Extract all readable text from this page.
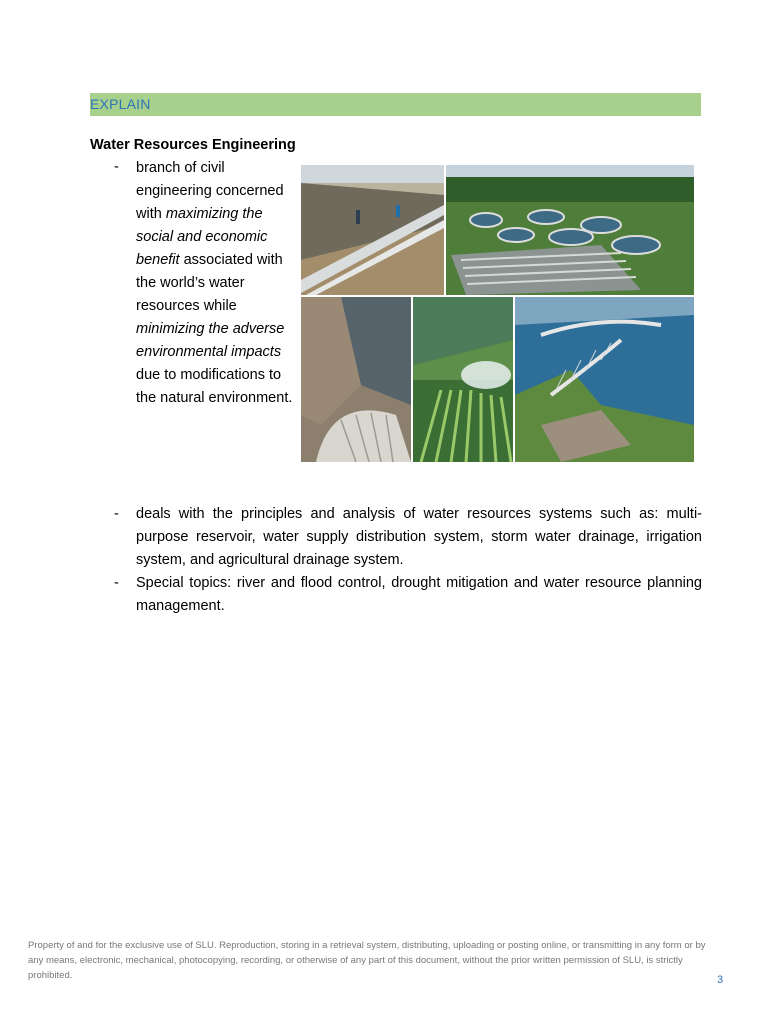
EXPLAIN
Water Resources Engineering
- branch of civil engineering concerned with maximizing the social and economic benefit associated with the world’s water resources while minimizing the adverse environmental impacts due to modifications to the natural environment.
- deals with the principles and analysis of water resources systems such as: multi-purpose reservoir, water supply distribution system, storm water drainage, irrigation system, and agricultural drainage system.
- Special topics: river and flood control, drought mitigation and water resource planning management.
Property of and for the exclusive use of SLU. Reproduction, storing in a retrieval system, distributing, uploading or posting online, or transmitting in any form or by any means, electronic, mechanical, photocopying, recording, or otherwise of any part of this document, without the prior written permission of SLU, is strictly prohibited.	3
